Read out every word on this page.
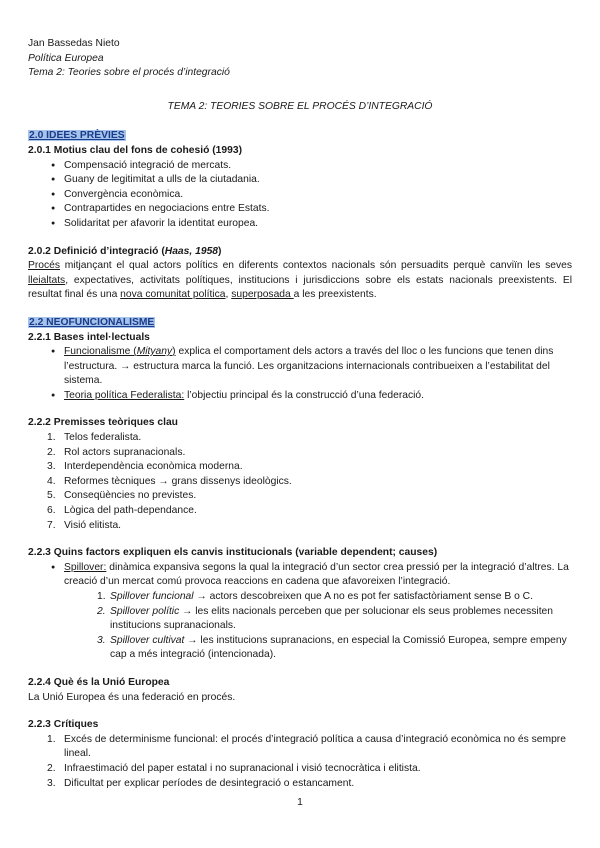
Jan Bassedas Nieto

Política Europea

Tema 2: Teories sobre el procés d’integració

TEMA 2: TEORIES SOBRE EL PROCÉS D’INTEGRACIÓ

2.0 IDEES PRÈVIES

2.0.1 Motius clau del fons de cohesió (1993)
● Compensació integració de mercats.
● Guany de legitimitat a ulls de la ciutadania.
● Convergència econòmica.
● Contrapartides en negociacions entre Estats.
● Solidaritat per afavorir la identitat europea.
2.0.2 Definició d’integració (Haas, 1958)

Procés mitjançant el qual actors polítics en diferents contextos nacionals són persuadits perquè canviïn les seves lleialtats, expectatives, activitats polítiques, institucions i jurisdiccions sobre els estats nacionals preexistents. El resultat final és una nova comunitat política, superposada a les preexistents.

2.2 NEOFUNCIONALISME

2.2.1 Bases intel·lectuals
● Funcionalisme (Mityany) explica el comportament dels actors a través del lloc o les funcions que tenen dins l’estructura. → estructura marca la funció. Les organitzacions internacionals contribueixen a l’estabilitat del sistema.
● Teoria política Federalista: l’objectiu principal és la construcció d’una federació.
2.2.2 Premisses teòriques clau
1. Telos federalista.
2. Rol actors supranacionals.
3. Interdependència econòmica moderna.
4. Reformes tècniques → grans dissenys ideològics.
5. Conseqüències no previstes.
6. Lògica del path-dependance.
7. Visió elitista.
2.2.3 Quins factors expliquen els canvis institucionals (variable dependent; causes)
● Spillover: dinàmica expansiva segons la qual la integració d’un sector crea pressió per la integració d’altres. La creació d’un mercat comú provoca reaccions en cadena que afavoreixen l’integració.
1. Spillover funcional → actors descobreixen que A no es pot fer satisfactòriament sense B o C.
2. Spillover polític → les elits nacionals perceben que per solucionar els seus problemes necessiten institucions supranacionals.
3. Spillover cultivat → les institucions supranacions, en especial la Comissió Europea, sempre empeny cap a més integració (intencionada).
2.2.4 Què és la Unió Europea

La Unió Europea és una federació en procés.

2.2.3 Crítiques
1. Excés de determinisme funcional: el procés d’integració política a causa d’integració econòmica no és sempre lineal.
2. Infraestimació del paper estatal i no supranacional i visió tecnocràtica i elitista.
3. Dificultat per explicar períodes de desintegració o estancament.
1
